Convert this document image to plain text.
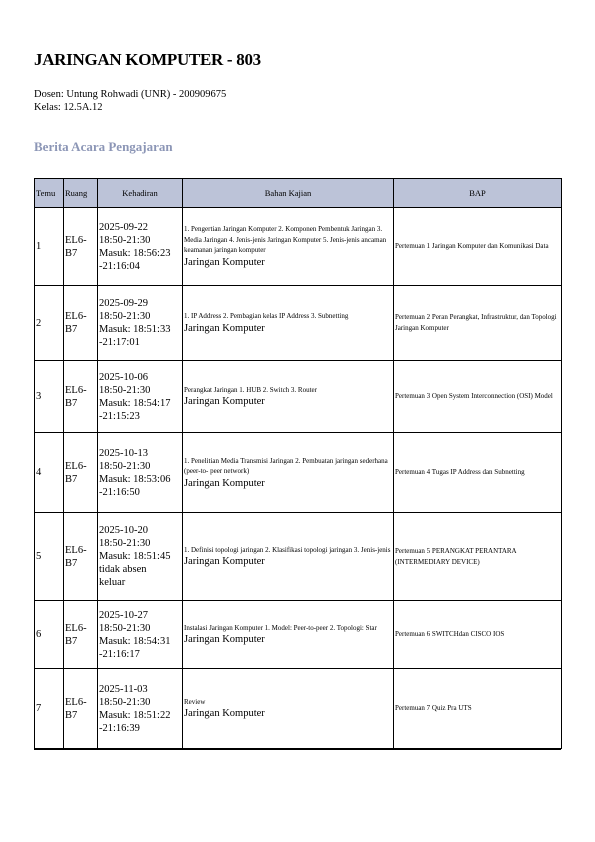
JARINGAN KOMPUTER - 803
Dosen: Untung Rohwadi (UNR) - 200909675
Kelas: 12.5A.12
Berita Acara Pengajaran
Temu	Ruang	Kehadiran	Bahan Kajian	BAP
1	EL6-B7	2025-09-22
18:50-21:30
Masuk: 18:56:23
-21:16:04	1. Pengertian Jaringan Komputer 2. Komponen Pembentuk Jaringan 3. Media Jaringan 4. Jenis-jenis Jaringan Komputer 5. Jenis-jenis ancaman keamanan jaringan komputer
Jaringan Komputer	Pertemuan 1 Jaringan Komputer dan Komunikasi Data
2	EL6-B7	2025-09-29
18:50-21:30
Masuk: 18:51:33
-21:17:01	1. IP Address 2. Pembagian kelas IP Address 3. Subnetting
Jaringan Komputer	Pertemuan 2 Peran Perangkat, Infrastruktur, dan Topologi Jaringan Komputer
3	EL6-B7	2025-10-06
18:50-21:30
Masuk: 18:54:17
-21:15:23	Perangkat Jaringan 1. HUB 2. Switch 3. Router
Jaringan Komputer	Pertemuan 3 Open System Interconnection (OSI) Model
4	EL6-B7	2025-10-13
18:50-21:30
Masuk: 18:53:06
-21:16:50	1. Penelitian Media Transmisi Jaringan 2. Pembuatan jaringan sederhana (peer-to- peer network)
Jaringan Komputer	Pertemuan 4 Tugas IP Address dan Subnetting
5	EL6-B7	2025-10-20
18:50-21:30
Masuk: 18:51:45
tidak absen
keluar	1. Definisi topologi jaringan 2. Klasifikasi topologi jaringan 3. Jenis-jenis
Jaringan Komputer	Pertemuan 5 PERANGKAT PERANTARA (INTERMEDIARY DEVICE)
6	EL6-B7	2025-10-27
18:50-21:30
Masuk: 18:54:31
-21:16:17	Instalasi Jaringan Komputer 1. Model: Peer-to-peer 2. Topologi: Star
Jaringan Komputer	Pertemuan 6 SWITCHdan CISCO IOS
7	EL6-B7	2025-11-03
18:50-21:30
Masuk: 18:51:22
-21:16:39	Review
Jaringan Komputer	Pertemuan 7 Quiz Pra UTS
